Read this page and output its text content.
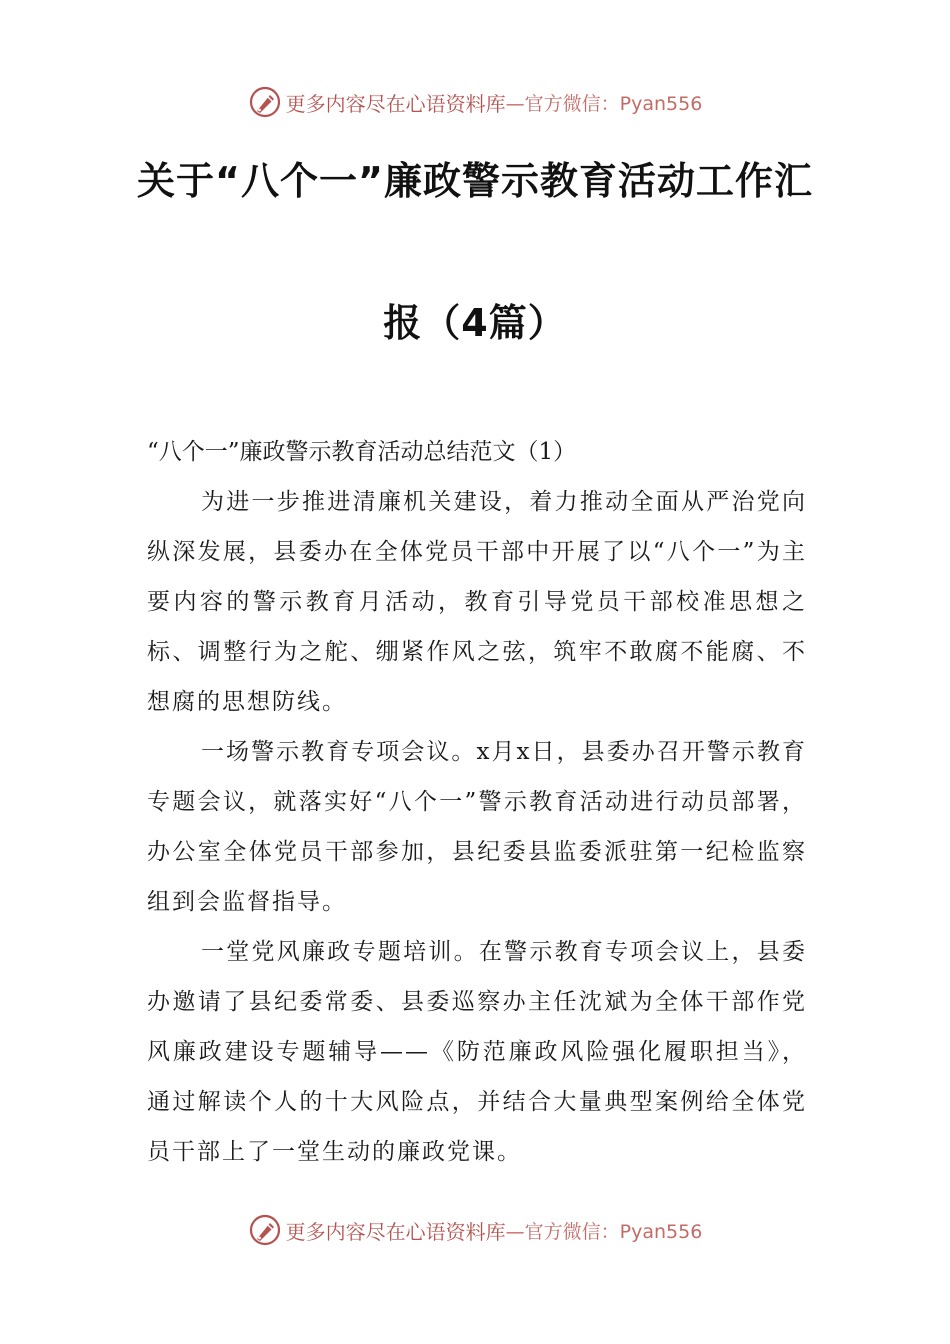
更多内容尽在心语资料库 —官方微信：Pyan556
关于“八个一”廉政警示教育活动工作汇
报（4篇）
“八个一”廉政警示教育活动总结范文（1）

为进一步推进清廉机关建设，着力推动全面从严治党向纵深发展，县委办在全体党员干部中开展了以“八个一”为主要内容的警示教育月活动，教育引导党员干部校准思想之标、调整行为之舵、绷紧作风之弦，筑牢不敢腐不能腐、不想腐的思想防线。

一场警示教育专项会议。x月x日，县委办召开警示教育专题会议，就落实好“八个一”警示教育活动进行动员部署，办公室全体党员干部参加，县纪委县监委派驻第一纪检监察组到会监督指导。

一堂党风廉政专题培训。在警示教育专项会议上，县委办邀请了县纪委常委、县委巡察办主任沈斌为全体干部作党风廉政建设专题辅导——《防范廉政风险强化履职担当》，通过解读个人的十大风险点，并结合大量典型案例给全体党员干部上了一堂生动的廉政党课。

更多内容尽在心语资料库 —官方微信：Pyan556
